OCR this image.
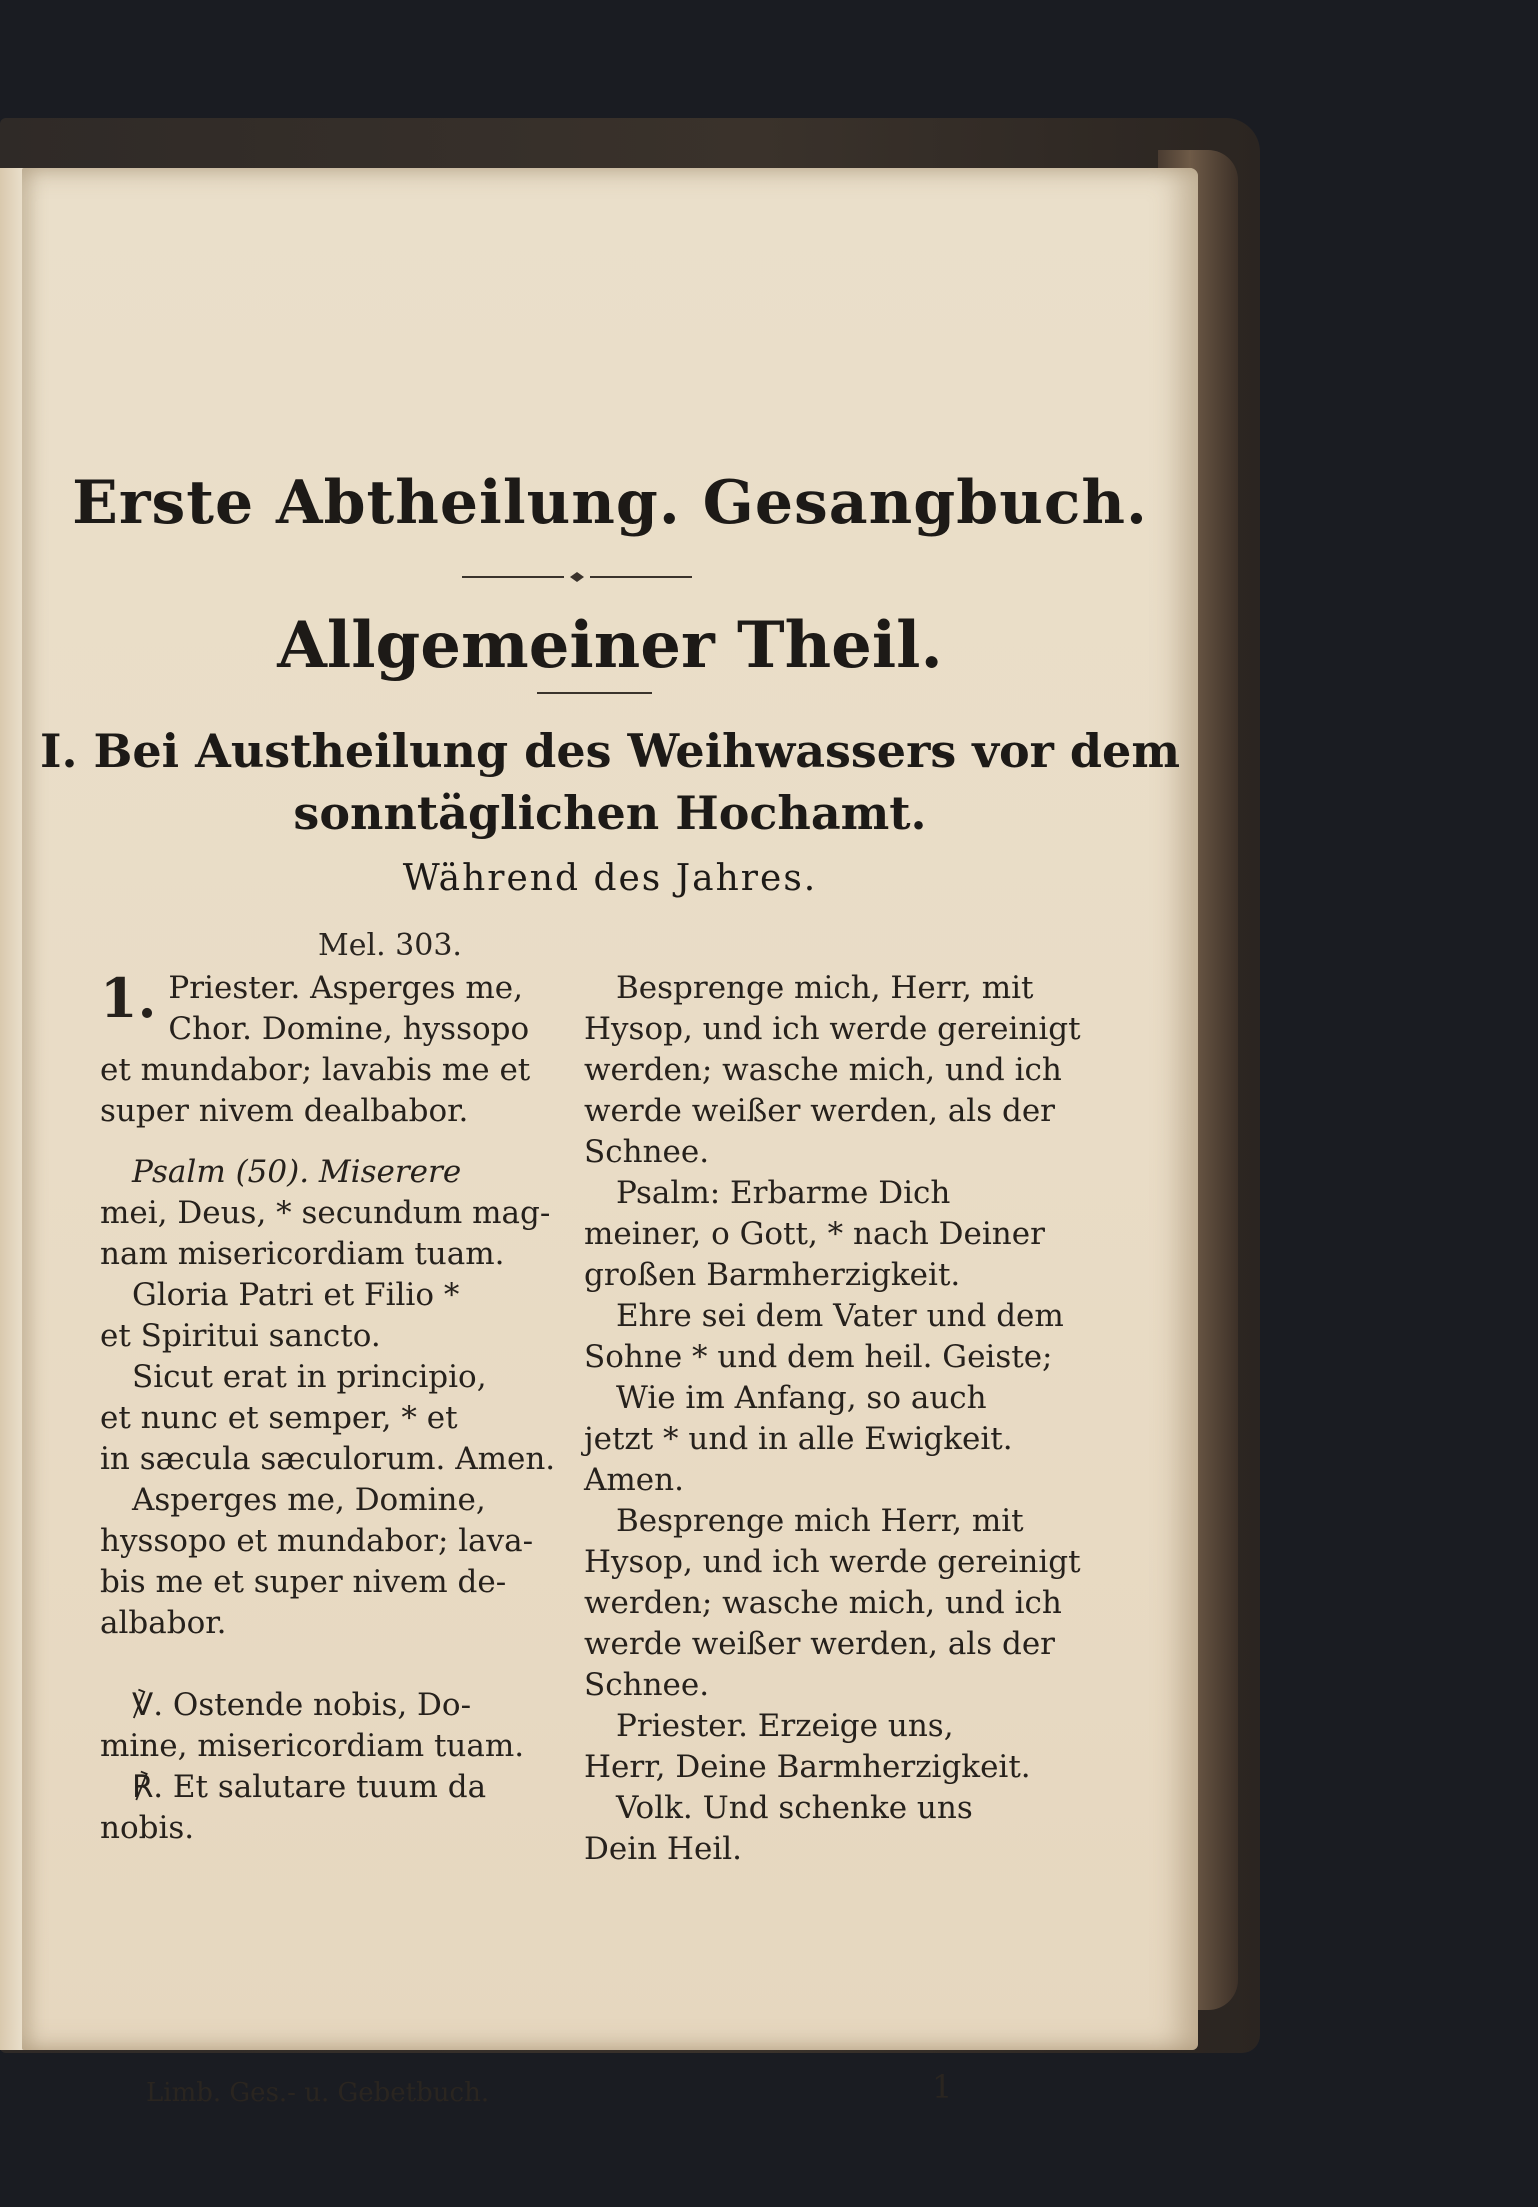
Erste Abtheilung. Gesangbuch.
Allgemeiner Theil.
I. Bei Austheilung des Weihwassers vor dem
sonntäglichen Hochamt.
Während des Jahres.
Mel. 303.
1. Priester. Asperges me,

Chor. Domine, hyssopo

et mundabor; lavabis me et

super nivem dealbabor.

Psalm (50). Miserere

mei, Deus, * secundum mag-

nam misericordiam tuam.

Gloria Patri et Filio *

et Spiritui sancto.

Sicut erat in principio,

et nunc et semper, * et

in sæcula sæculorum. Amen.

Asperges me, Domine,

hyssopo et mundabor; lava-

bis me et super nivem de-

albabor.

℣. Ostende nobis, Do-

mine, misericordiam tuam.

℟. Et salutare tuum da

nobis.

Besprenge mich, Herr, mit

Hysop, und ich werde gereinigt

werden; wasche mich, und ich

werde weißer werden, als der

Schnee.

Psalm: Erbarme Dich

meiner, o Gott, * nach Deiner

großen Barmherzigkeit.

Ehre sei dem Vater und dem

Sohne * und dem heil. Geiste;

Wie im Anfang, so auch

jetzt * und in alle Ewigkeit.

Amen.

Besprenge mich Herr, mit

Hysop, und ich werde gereinigt

werden; wasche mich, und ich

werde weißer werden, als der

Schnee.

Priester. Erzeige uns,

Herr, Deine Barmherzigkeit.

Volk. Und schenke uns

Dein Heil.

Limb. Ges.- u. Gebetbuch.	1
